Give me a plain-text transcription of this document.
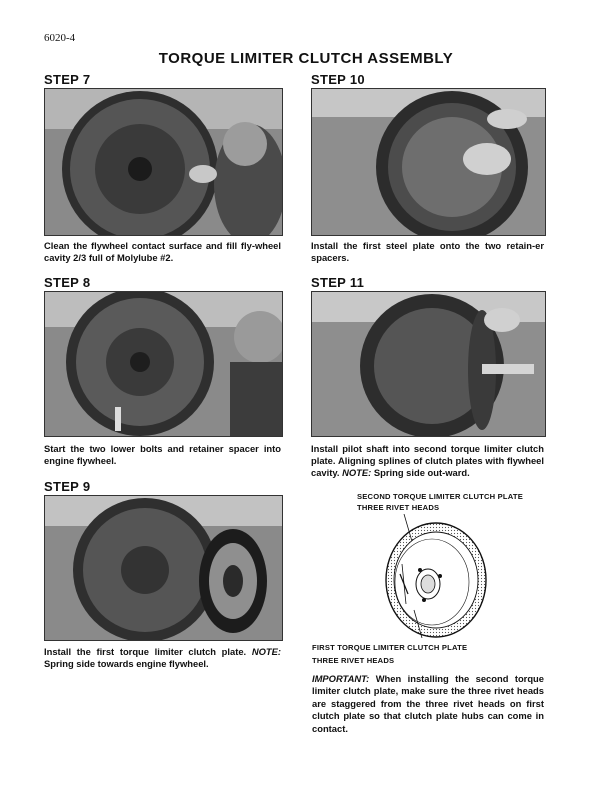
6020-4
TORQUE LIMITER CLUTCH ASSEMBLY
STEP 7
Clean the flywheel contact surface and fill fly-wheel cavity 2/3 full of Molylube #2.
STEP 8
Start the two lower bolts and retainer spacer into engine flywheel.
STEP 9
Install the first torque limiter clutch plate. NOTE: Spring side towards engine flywheel.
STEP 10
Install the first steel plate onto the two retain-er spacers.
STEP 11
Install pilot shaft into second torque limiter clutch plate. Aligning splines of clutch plates with flywheel cavity. NOTE: Spring side out-ward.
SECOND TORQUE LIMITER CLUTCH PLATE
THREE RIVET HEADS
FIRST TORQUE LIMITER CLUTCH PLATE
THREE RIVET HEADS
IMPORTANT: When installing the second torque limiter clutch plate, make sure the three rivet heads are staggered from the three rivet heads on first clutch plate so that clutch plate hubs can come in contact.
